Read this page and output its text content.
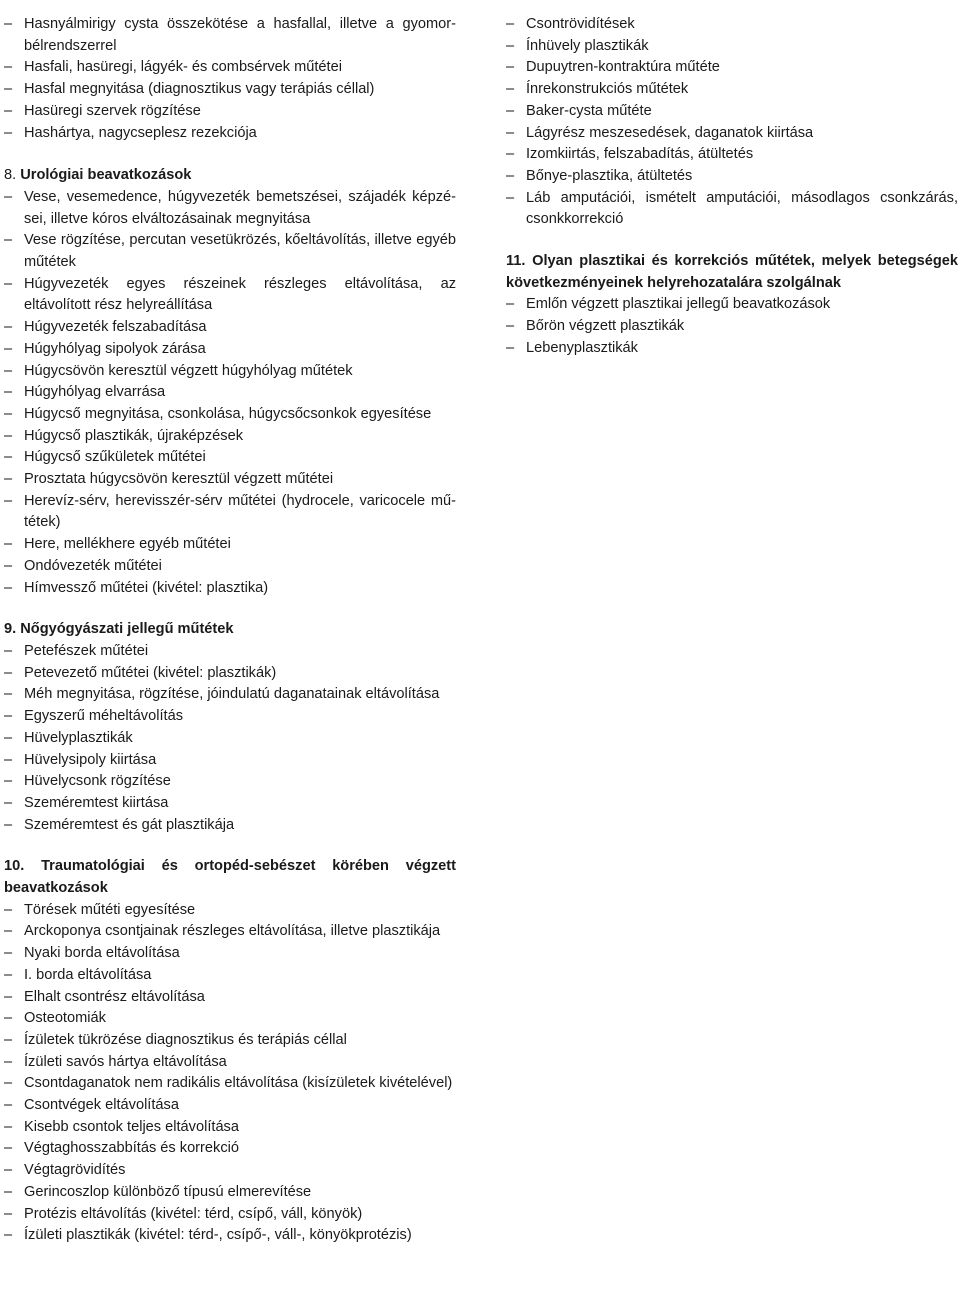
– Hasnyálmirigy cysta összekötése a hasfallal, illetve a gyomorbélrendszerrel
– Hasfali, hasüregi, lágyék- és combsérvek műtétei
– Hasfal megnyitása (diagnosztikus vagy terápiás céllal)
– Hasüregi szervek rögzítése
– Hashártya, nagycseplesz rezekciója

8. Urológiai beavatkozások

– Vese, vesemedence, húgyvezeték bemetszései, szájadék képzései, illetve kóros elváltozásainak megnyitása
– Vese rögzítése, percutan vesetükrözés, kőeltávolítás, illetve egyéb műtétek
– Húgyvezeték egyes részeinek részleges eltávolítása, az eltávolított rész helyreállítása
– Húgyvezeték felszabadítása
– Húgyhólyag sipolyok zárása
– Húgycsövön keresztül végzett húgyhólyag műtétek
– Húgyhólyag elvarrása
– Húgycső megnyitása, csonkolása, húgycsőcsonkok egyesítése
– Húgycső plasztikák, újraképzések
– Húgycső szűkületek műtétei
– Prosztata húgycsövön keresztül végzett műtétei
– Herevíz-sérv, herevisszér-sérv műtétei (hydrocele, varicocele műtétek)
– Here, mellékhere egyéb műtétei
– Ondóvezeték műtétei
– Hímvessző műtétei (kivétel: plasztika)

9. Nőgyógyászati jellegű műtétek

– Petefészek műtétei
– Petevezető műtétei (kivétel: plasztikák)
– Méh megnyitása, rögzítése, jóindulatú daganatainak eltávolítása
– Egyszerű méheltávolítás
– Hüvelyplasztikák
– Hüvelysipoly kiirtása
– Hüvelycsonk rögzítése
– Szeméremtest kiirtása
– Szeméremtest és gát plasztikája

10. Traumatológiai és ortopéd-sebészet körében végzett beavatkozások

– Törések műtéti egyesítése
– Arckoponya csontjainak részleges eltávolítása, illetve plasztikája
– Nyaki borda eltávolítása
– I. borda eltávolítása
– Elhalt csontrész eltávolítása
– Osteotomiák
– Ízületek tükrözése diagnosztikus és terápiás céllal
– Ízületi savós hártya eltávolítása
– Csontdaganatok nem radikális eltávolítása (kisízületek kivételével)
– Csontvégek eltávolítása
– Kisebb csontok teljes eltávolítása
– Végtaghosszabbítás és korrekció
– Végtagrövidítés
– Gerincoszlop különböző típusú elmerevítése
– Protézis eltávolítás (kivétel: térd, csípő, váll, könyök)
– Ízületi plasztikák (kivétel: térd-, csípő-, váll-, könyökprotézis)
– Csontrövidítések
– Ínhüvely plasztikák
– Dupuytren-kontraktúra műtéte
– Ínrekonstrukciós műtétek
– Baker-cysta műtéte
– Lágyrész meszesedések, daganatok kiirtása
– Izomkiirtás, felszabadítás, átültetés
– Bőnye-plasztika, átültetés
– Láb amputációi, ismételt amputációi, másodlagos csonkzárás, csonkkorrekció

11. Olyan plasztikai és korrekciós műtétek, melyek betegségek következményeinek helyrehozatalára szolgálnak

– Emlőn végzett plasztikai jellegű beavatkozások
– Bőrön végzett plasztikák
– Lebenyplasztikák
